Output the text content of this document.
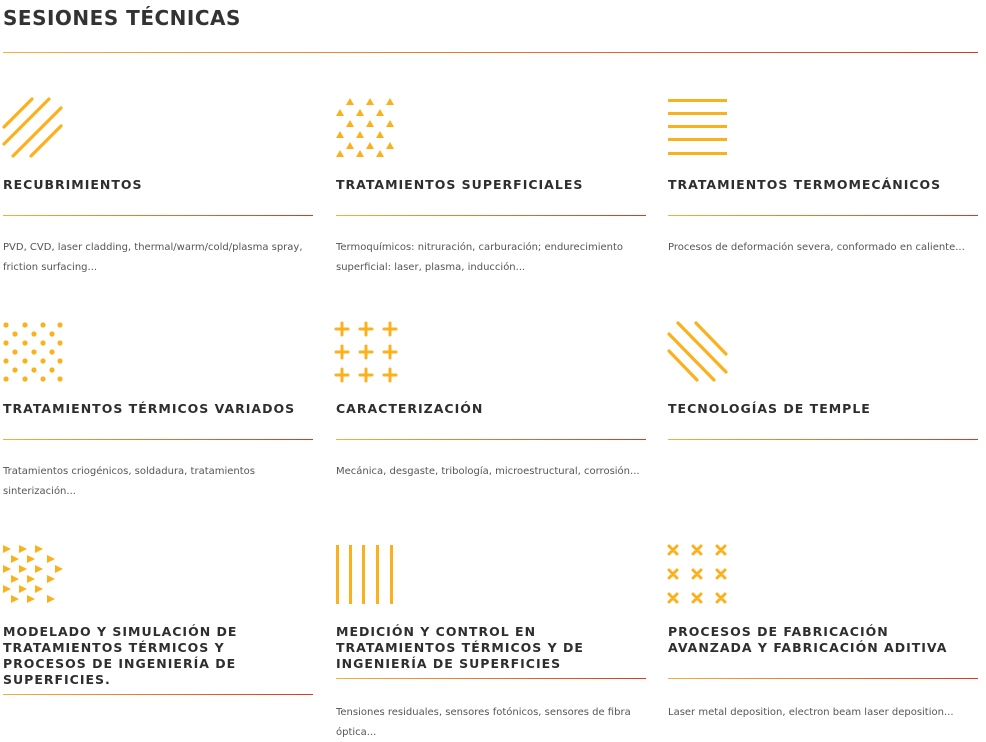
SESIONES TÉCNICAS
RECUBRIMIENTOS

PVD, CVD, laser cladding, thermal/warm/cold/plasma spray, friction surfacing...

TRATAMIENTOS SUPERFICIALES

Termoquímicos: nitruración, carburación; endurecimiento superficial: laser, plasma, inducción...

TRATAMIENTOS TERMOMECÁNICOS

Procesos de deformación severa, conformado en caliente...

TRATAMIENTOS TÉRMICOS VARIADOS

Tratamientos criogénicos, soldadura, tratamientos sinterización...

CARACTERIZACIÓN

Mecánica, desgaste, tribología, microestructural, corrosión...

TECNOLOGÍAS DE TEMPLE

MODELADO Y SIMULACIÓN DE TRATAMIENTOS TÉRMICOS Y PROCESOS DE INGENIERÍA DE SUPERFICIES.

MEDICIÓN Y CONTROL EN TRATAMIENTOS TÉRMICOS Y DE INGENIERÍA DE SUPERFICIES

Tensiones residuales, sensores fotónicos, sensores de fibra óptica...

PROCESOS DE FABRICACIÓN AVANZADA Y FABRICACIÓN ADITIVA

Laser metal deposition, electron beam laser deposition...
